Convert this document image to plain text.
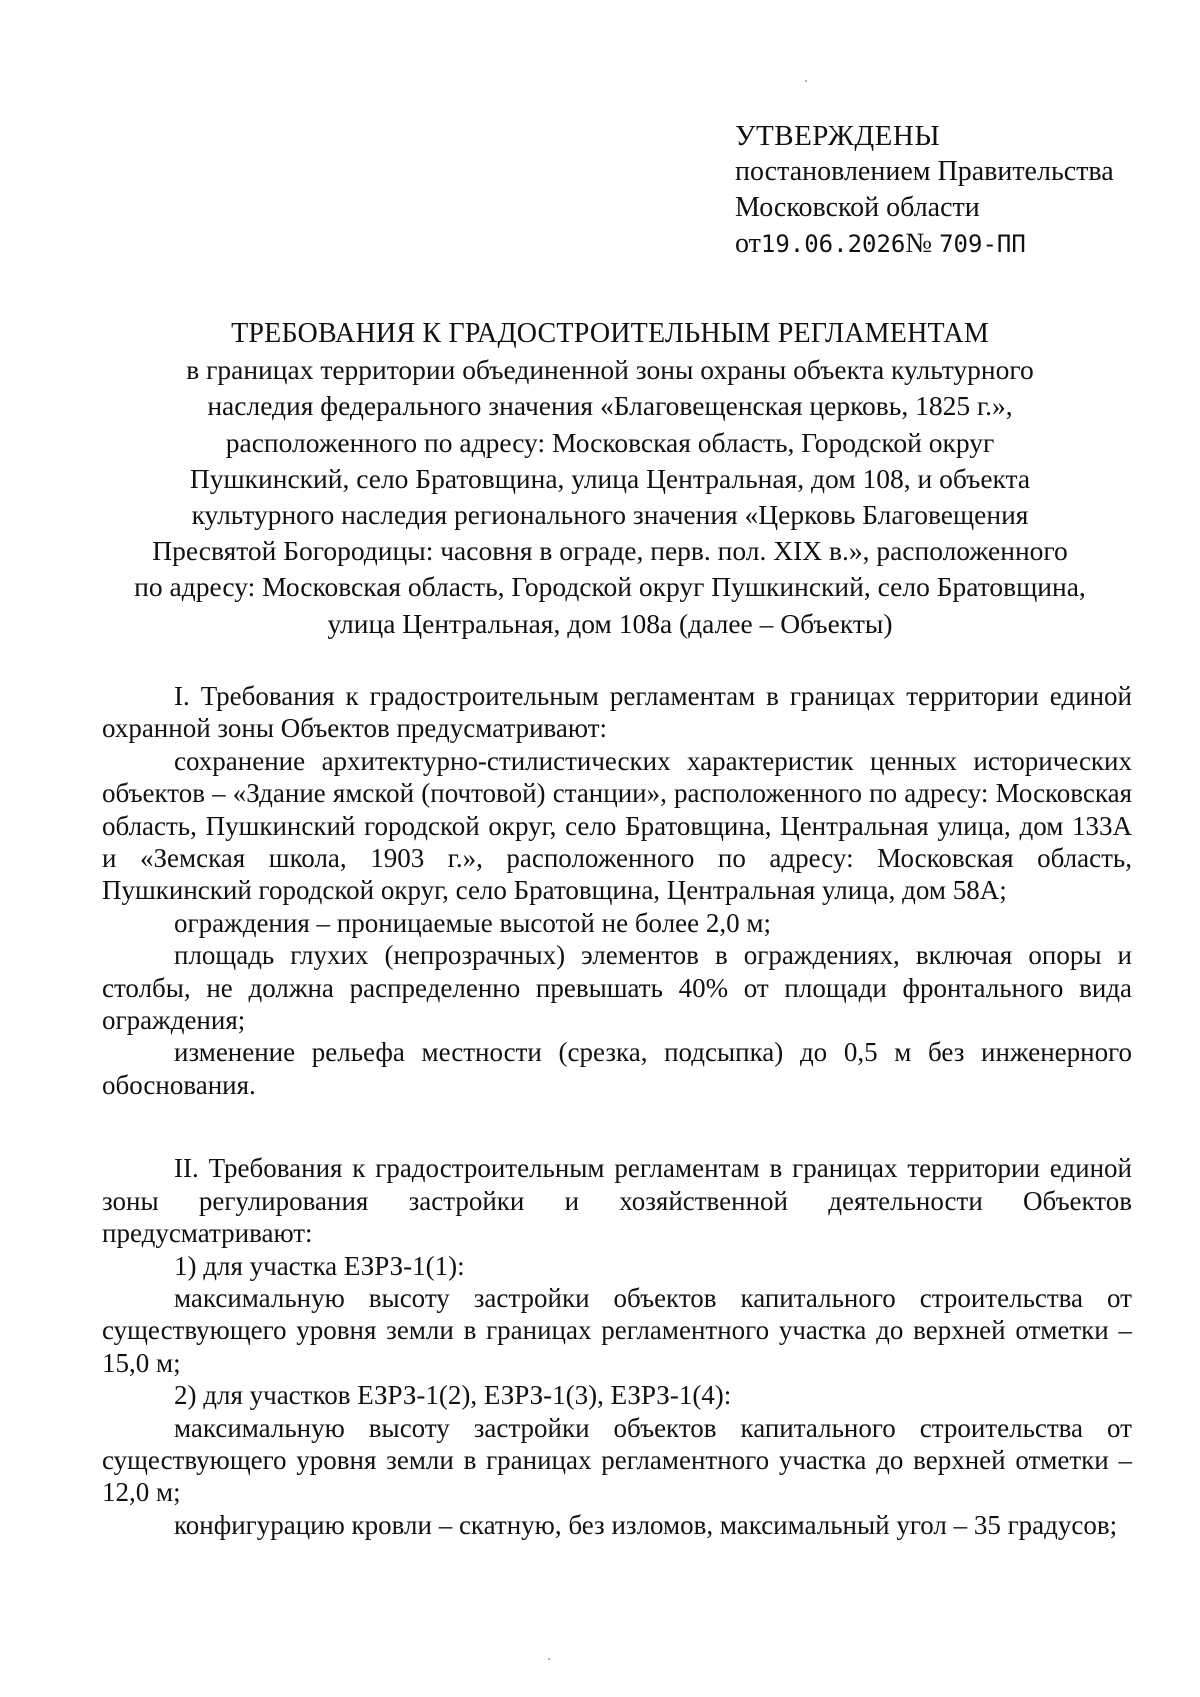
УТВЕРЖДЕНЫ
постановлением Правительства
Московской области
от19.06.2026№ 709-ПП
ТРЕБОВАНИЯ К ГРАДОСТРОИТЕЛЬНЫМ РЕГЛАМЕНТАМ
в границах территории объединенной зоны охраны объекта культурного
наследия федерального значения «Благовещенская церковь, 1825 г.»,
расположенного по адресу: Московская область, Городской округ
Пушкинский, село Братовщина, улица Центральная, дом 108, и объекта
культурного наследия регионального значения «Церковь Благовещения
Пресвятой Богородицы: часовня в ограде, перв. пол. XIX в.», расположенного
по адресу: Московская область, Городской округ Пушкинский, село Братовщина,
улица Центральная, дом 108а (далее – Объекты)

I. Требования к градостроительным регламентам в границах территории единой охранной зоны Объектов предусматривают:

сохранение архитектурно-стилистических характеристик ценных исторических объектов – «Здание ямской (почтовой) станции», расположенного по адресу: Московская область, Пушкинский городской округ, село Братовщина, Центральная улица, дом 133А и «Земская школа, 1903 г.», расположенного по адресу: Московская область, Пушкинский городской округ, село Братовщина, Центральная улица, дом 58А;

ограждения – проницаемые высотой не более 2,0 м;

площадь глухих (непрозрачных) элементов в ограждениях, включая опоры и столбы, не должна распределенно превышать 40% от площади фронтального вида ограждения;

изменение рельефа местности (срезка, подсыпка) до 0,5 м без инженерного обоснования.

II. Требования к градостроительным регламентам в границах территории единой зоны регулирования застройки и хозяйственной деятельности Объектов предусматривают:

1) для участка ЕЗРЗ-1(1):

максимальную высоту застройки объектов капитального строительства от существующего уровня земли в границах регламентного участка до верхней отметки – 15,0 м;

2) для участков ЕЗРЗ-1(2), ЕЗРЗ-1(3), ЕЗРЗ-1(4):

максимальную высоту застройки объектов капитального строительства от существующего уровня земли в границах регламентного участка до верхней отметки – 12,0 м;

конфигурацию кровли – скатную, без изломов, максимальный угол – 35 градусов;
